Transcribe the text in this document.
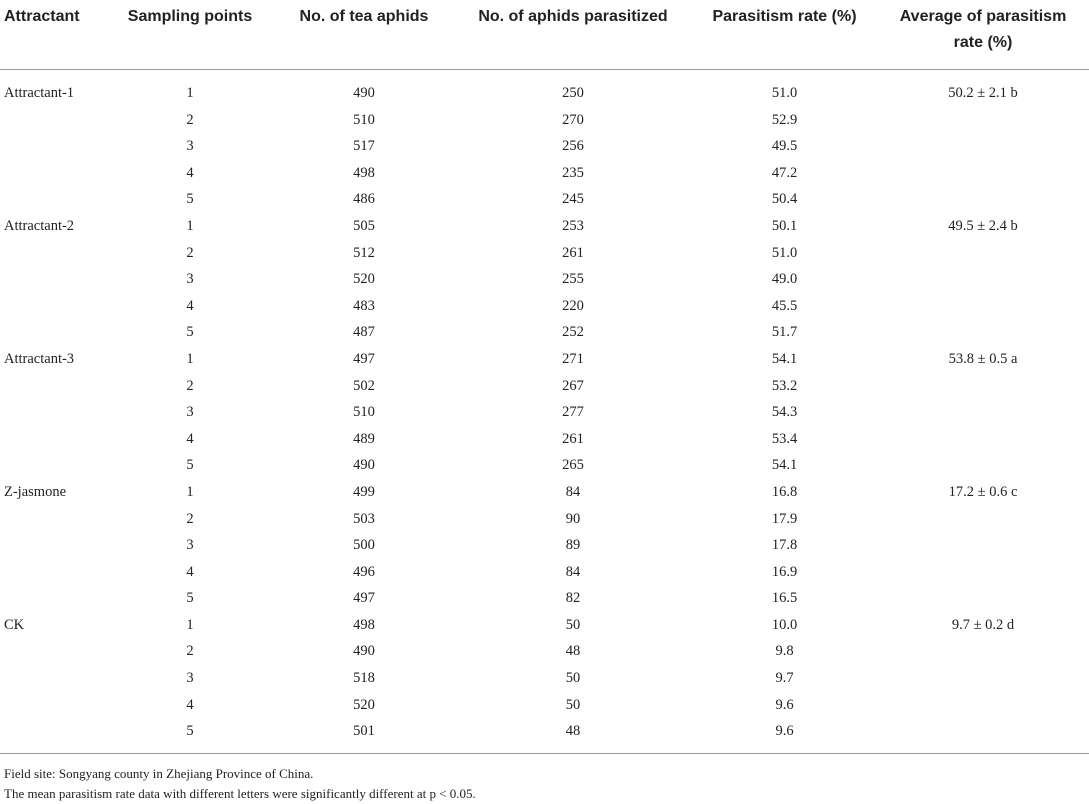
Attractant	Sampling points	No. of tea aphids	No. of aphids parasitized	Parasitism rate (%)	Average of parasitism
rate (%)
Attractant-1	1	490	250	51.0	50.2 ± 2.1 b
	2	510	270	52.9	
	3	517	256	49.5	
	4	498	235	47.2	
	5	486	245	50.4	
Attractant-2	1	505	253	50.1	49.5 ± 2.4 b
	2	512	261	51.0	
	3	520	255	49.0	
	4	483	220	45.5	
	5	487	252	51.7	
Attractant-3	1	497	271	54.1	53.8 ± 0.5 a
	2	502	267	53.2	
	3	510	277	54.3	
	4	489	261	53.4	
	5	490	265	54.1	
Z-jasmone	1	499	84	16.8	17.2 ± 0.6 c
	2	503	90	17.9	
	3	500	89	17.8	
	4	496	84	16.9	
	5	497	82	16.5	
CK	1	498	50	10.0	9.7 ± 0.2 d
	2	490	48	9.8	
	3	518	50	9.7	
	4	520	50	9.6	
	5	501	48	9.6	
Field site: Songyang county in Zhejiang Province of China.
The mean parasitism rate data with different letters were significantly different at p < 0.05.
